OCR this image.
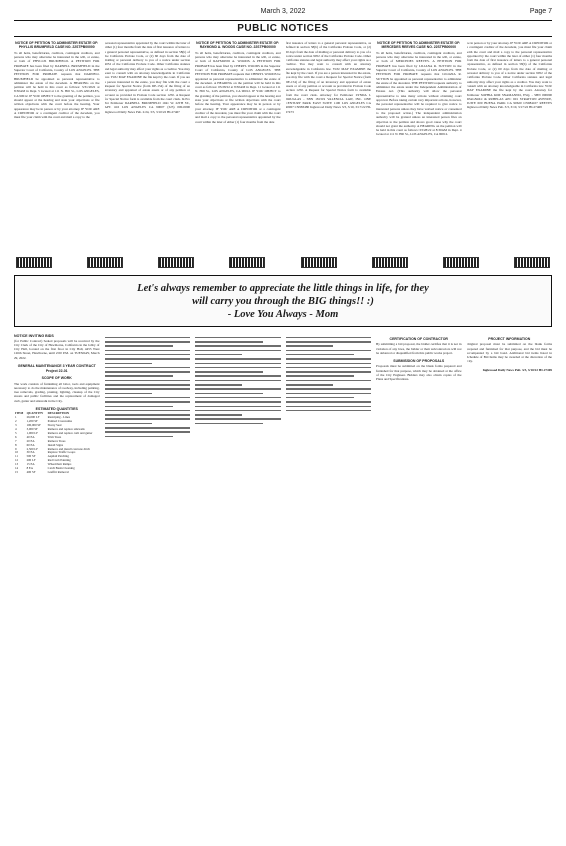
March 3, 2022	Page 7
PUBLIC NOTICES
NOTICE OF PETITION TO ADMINISTER ESTATE OF: PHYLLIS BRUMFIELD CASE NO. 22STPB00000
To all heirs, beneficiaries, creditors, contingent creditors, and persons who may otherwise be interested in the will, or estate, or both of PHYLLIS BRUMFIELD. A PETITION FOR PROBATE has been filed by DARNELL BRUMFIELD in the Superior Court of California, County of LOS ANGELES. THE PETITION FOR PROBATE requests that DARNELL BRUMFIELD be appointed as personal representative to administer the estate of the decedent. A HEARING on the petition will be held in this court as follows: 3/31/2022 at 8:30AM in Dept. 5 located at 111 N. Hill St., LOS ANGELES, CA 90012. IF YOU OBJECT to the granting of the petition, you should appear at the hearing and state your objections or file written objections with the court before the hearing. Your appearance may be in person or by your attorney. IF YOU ARE A CREDITOR or a contingent creditor of the decedent, you must file your claim with the court and mail a copy to the
personal representative appointed by the court within the later of either (1) four months from the date of first issuance of letters to a general personal representative, as defined in section 58(b) of the California Probate Code, or (2) 60 days from the date of mailing or personal delivery to you of a notice under section 9052 of the California Probate Code. Other California statutes and legal authority may affect your rights as a creditor. You may want to consult with an attorney knowledgeable in California law. YOU MAY EXAMINE the file kept by the court. If you are a person interested in the estate, you may file with the court a Request for Special Notice (form DE-154) of the filing of an inventory and appraisal of estate assets or of any petition or account as provided in Probate Code section 1250. A Request for Special Notice form is available from the court clerk. In Pro Per Petitioner DARNELL BRUMFIELD 1041 W. 22TH ST., APT. #16 LOS ANGELES CA 90007 (323) 000-0000 Inglewood Daily News Pub. 2/24, 3/3, 3/10/22 HI-27467
NOTICE OF PETITION TO ADMINISTER ESTATE OF: RAYMOND A. WOODS CASE NO. 22STPB00000
To all heirs, beneficiaries, creditors, contingent creditors, and persons who may otherwise be interested in the will, or estate, or both of RAYMOND A. WOODS. A PETITION FOR PROBATE has been filed by CHERYL WOODS in the Superior Court of California, County of LOS ANGELES. THE PETITION FOR PROBATE requests that CHERYL WOODS be appointed as personal representative to administer the estate of the decedent. A HEARING on the petition will be held in this court as follows: 03/28/22 at 8:30AM in Dept. 11 located at 111 N. Hill St., LOS ANGELES, CA 90012. IF YOU OBJECT to the granting of the petition, you should appear at the hearing and state your objections or file written objections with the court before the hearing. Your appearance may be in person or by your attorney. IF YOU ARE A CREDITOR or a contingent creditor of the decedent, you must file your claim with the court and mail a copy to the personal representative appointed by the court within the later of either (1) four months from the date
first issuance of letters to a general personal representative, as defined in section 58(b) of the California Probate Code, or (2) 60 days from the date of mailing or personal delivery to you of a notice under section 9052 of the California Probate Code. Other California statutes and legal authority may affect your rights as a creditor. You may want to consult with an attorney knowledgeable in California law. YOU MAY EXAMINE the file kept by the court. If you are a person interested in the estate, you may file with the court a Request for Special Notice (form DE-154) of the filing of an inventory and appraisal of estate assets or of any petition or account as provided in Probate Code section 1250. A Request for Special Notice form is available from the court clerk. Attorney for Petitioner LYNDA I. DOUGLAS - SBN 181319 VALENCIA LAW, INC. ONE CENTURY PARK EAST SUITE 1100 LOS ANGELES CA 90067 CN983480 Inglewood Daily News 3/3, 3/10, 3/17/22 HI-27473
NOTICE OF PETITION TO ADMINISTER ESTATE OF: MERCEDES REEVES CASE NO. 22STPB00000
To all heirs, beneficiaries, creditors, contingent creditors, and persons who may otherwise be interested in the will, or estate, or both of MERCEDES REEVES. A PETITION FOR PROBATE has been filed by LILIANA R. SUTTON in the Superior Court of California, County of LOS ANGELES. THE PETITION FOR PROBATE requests that LILIANA R. SUTTON be appointed as personal representative to administer the estate of the decedent. THE PETITION requests authority to administer the estate under the Independent Administration of Estates Act. (This authority will allow the personal representative to take many actions without obtaining court approval. Before taking certain very important actions, however, the personal representative will be required to give notice to interested persons unless they have waived notice or consented to the proposed action.) The independent administration authority will be granted unless an interested person files an objection to the petition and shows good cause why the court should not grant the authority. A HEARING on the petition will be held in this court as follows: 03/28/22 at 8:30AM in Dept. 4 located at 111 N. Hill St., LOS ANGELES, CA 90012.
be in person or by your attorney. IF YOU ARE A CREDITOR or a contingent creditor of the decedent, you must file your claim with the court and mail a copy to the personal representative appointed by the court within the later of either (1) four months from the date of first issuance of letters to a general personal representative, as defined in section 58(b) of the California Probate Code, or (2) 60 days from the date of mailing or personal delivery to you of a notice under section 9052 of the California Probate Code. Other California statutes and legal authority may affect your rights as a creditor. You may want to consult with an attorney knowledgeable in California law. YOU MAY EXAMINE the file kept by the court. Attorney for Petitioner SOPHIA KIM SNAMANNO, ESQ. - SBN 000000 SPAGNOLI & RUBELAS APC 601 STRATTON AVENUE, SUITE 600 BUENA PARK CA 90620 CN984107 REEVES Inglewood Daily News Pub. 3/3, 3/10, 3/17/22 HI-27468
Let's always remember to appreciate the little things in life, for they
will carry you through the BIG things!! :)
- Love You Always - Mom
NOTICE INVITING BIDS
(for Public Contract) Sealed proposals will be received by the City Clerk of the City of Hawthorne, California in the lobby of City Hall, located on the first floor in City Hall, 4455 West 126th Street, Hawthorne, until 2:00 P.M. on TUESDAY, March 29, 2022.
GENERAL MAINTENANCE 3 YEAR CONTRACT Project 22-01
SCOPE OF WORK
The work consists of furnishing all labor, tools and equipment necessary to do the maintenance of roadway, including painting, tree removals, grading, pruning, lighting, cleanup of the City streets and public facilities and the replacement of damaged curb, gutter and sidewalk in the City.
ESTIMATED QUANTITIES
ITEM	QUANTITY	DESCRIPTION
1	26,000 LF	Restriping - Lines
2	1,200 SF	Painted Crosswalks
3	100,000 SF	Slurry Seal
4	3,000 SF	Remove and replace sidewalk
5	1,000 LF	Remove and replace curb and gutter
6	40 EA	Trim Trees
7	20 EA	Remove Trees
8	60 EA	Install Signs
9	2,500 LF	Remove and install concrete ditch
10	30 EA	Replace Traffic Loops
11	500 SF	Asphalt Patching
12	200 LF	Red Curb Painting
13	15 EA	Wheelchair Ramps
14	8 EA	Catch Basin Cleaning
15	400 SF	Graffiti Removal
CERTIFICATION OF CONTRACTOR
By submitting a bid proposal, the bidder certifies that it is not in violation of any laws, the bidder or their subcontractors will not be debarred or disqualified from this public works project.
SUBMISSION OF PROPOSALS
Proposals must be submitted on the blank forms prepared and furnished for that purpose, which may be obtained at the office of the City Engineer. Bidders may also obtain copies of the Plans and Specifications.
PROJECT INFORMATION
Original proposal must be submitted on the blank forms prepared and furnished for that purpose, and the bid must be accompanied by a bid bond. Additional bid items listed in Schedule of Bid Items may be awarded at the discretion of the City.
Inglewood Daily News Pub. 3/3, 3/10/22 HI-27469
